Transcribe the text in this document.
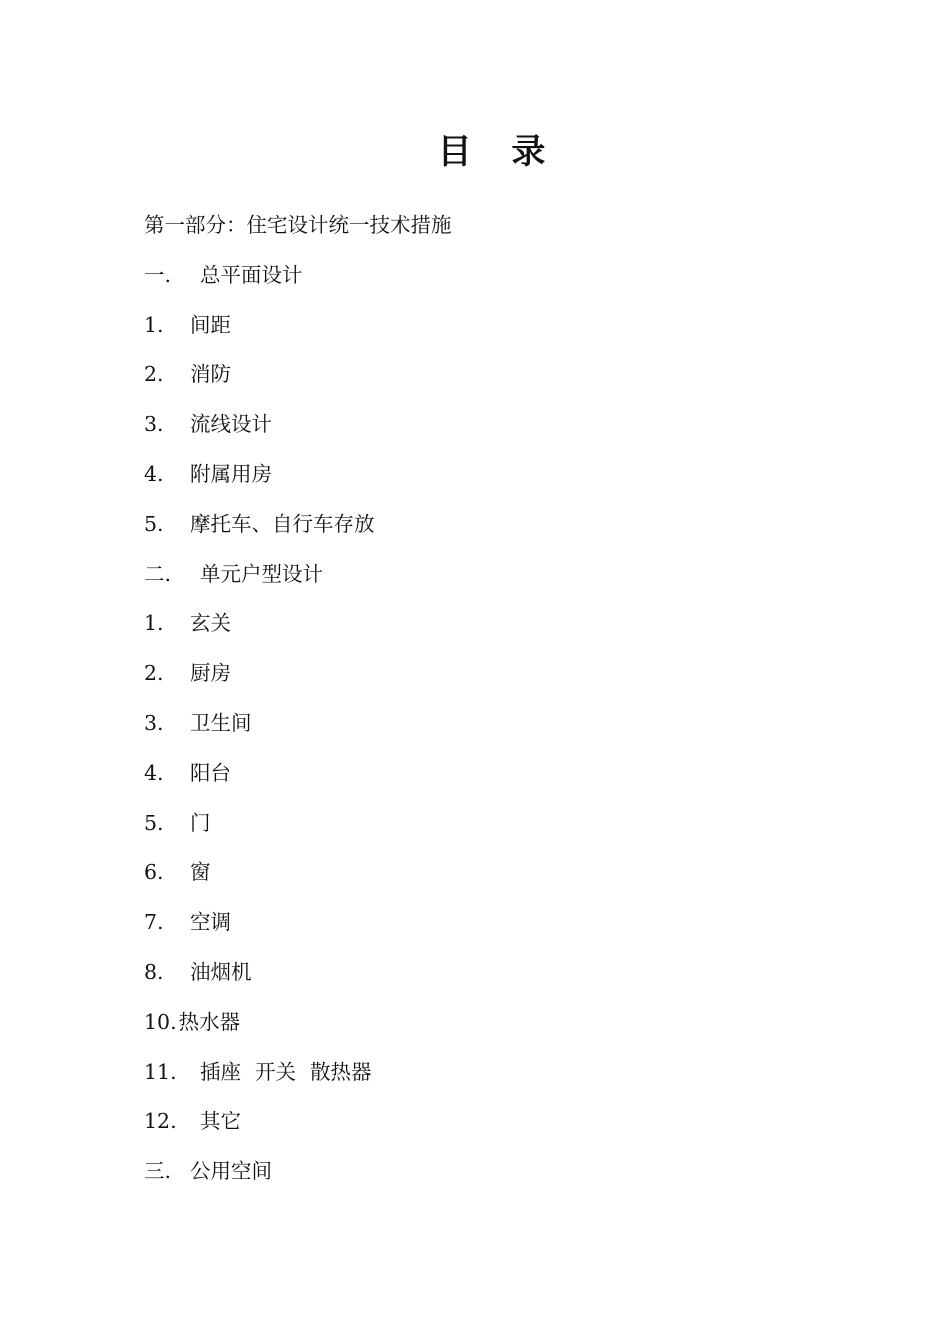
目 录
第一部分：住宅设计统一技术措施
一.	总平面设计
1.	间距
2.	消防
3.	流线设计
4.	附属用房
5.	摩托车、自行车存放
二.	单元户型设计
1.	玄关
2.	厨房
3.	卫生间
4.	阳台
5.	门
6.	窗
7.	空调
8.	油烟机
10. 热水器
11.	插座 开关 散热器
12.	其它
三. 公用空间
